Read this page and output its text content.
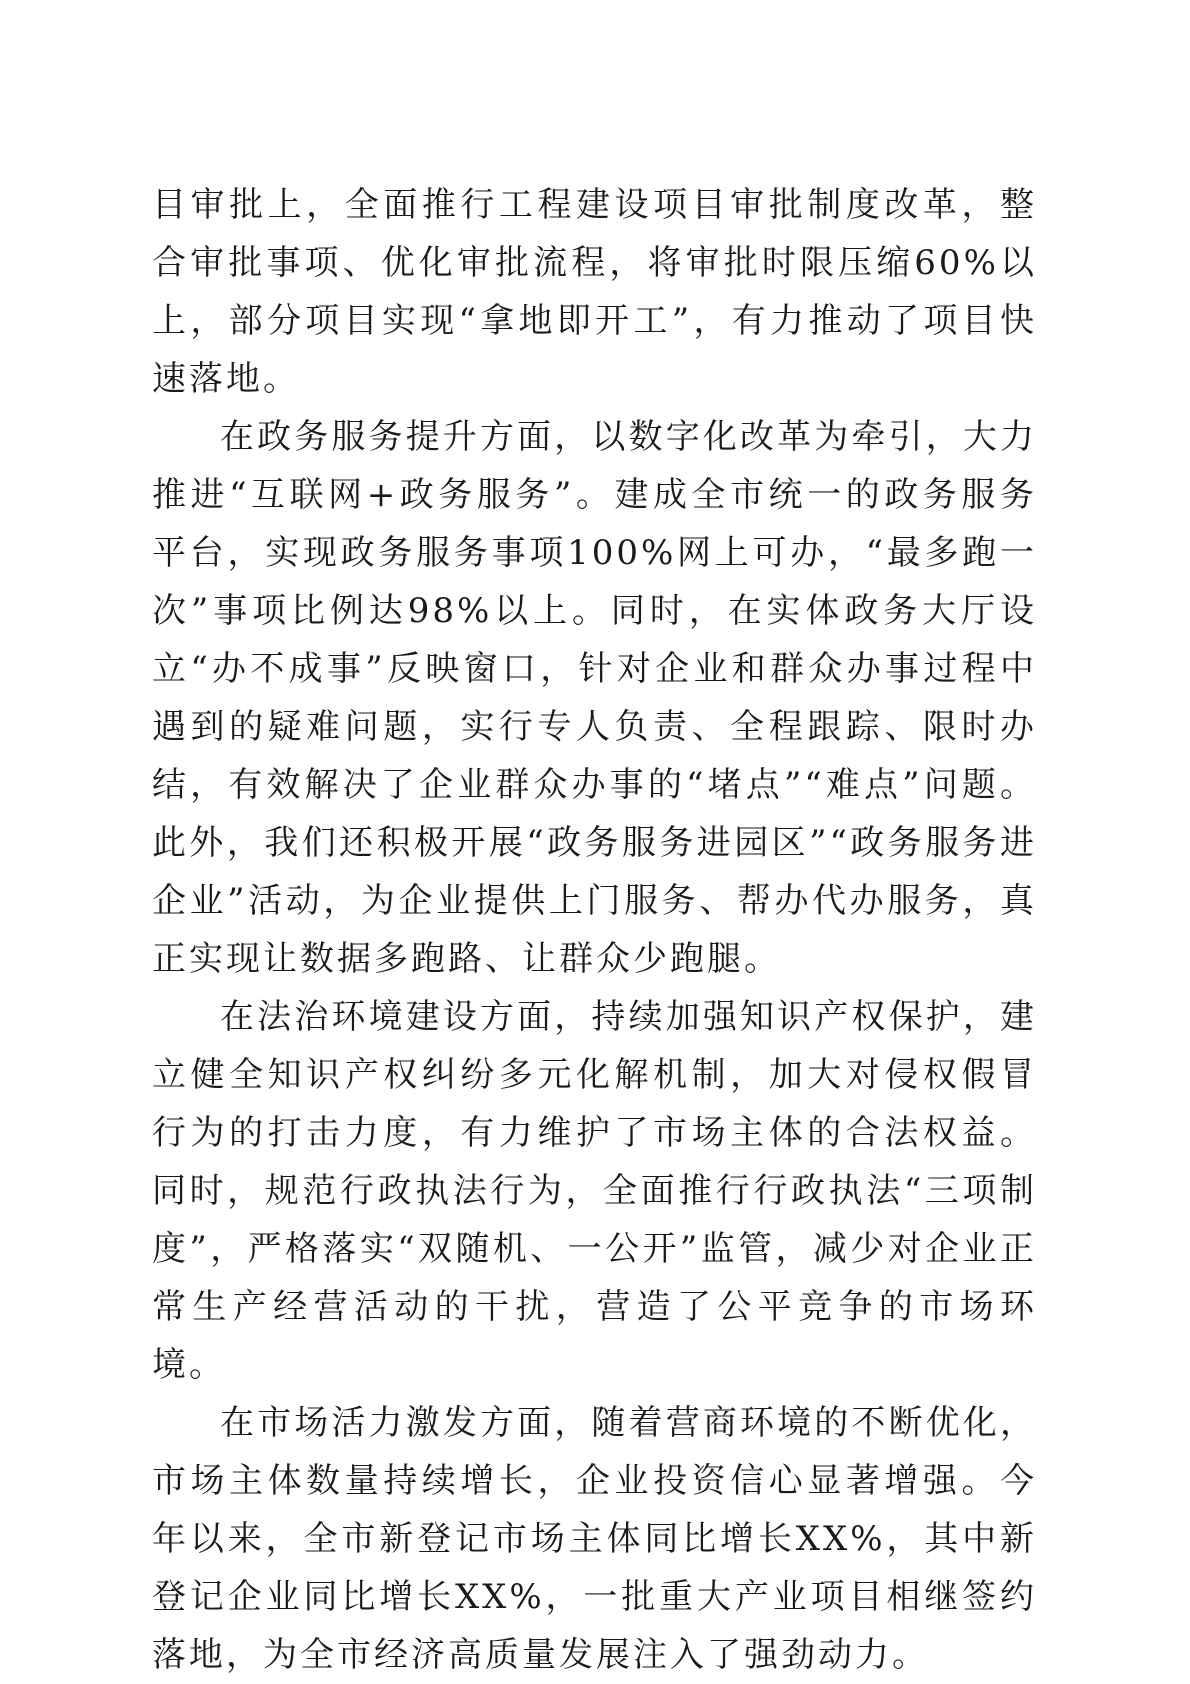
目审批上，全面推行工程建设项目审批制度改革，整合审批事项、优化审批流程，将审批时限压缩60%以上，部分项目实现“拿地即开工”，有力推动了项目快速落地。

在政务服务提升方面，以数字化改革为牵引，大力推进“互联网+政务服务”。建成全市统一的政务服务平台，实现政务服务事项100%网上可办，“最多跑一次”事项比例达98%以上。同时，在实体政务大厅设立“办不成事”反映窗口，针对企业和群众办事过程中遇到的疑难问题，实行专人负责、全程跟踪、限时办结，有效解决了企业群众办事的“堵点”“难点”问题。此外，我们还积极开展“政务服务进园区”“政务服务进企业”活动，为企业提供上门服务、帮办代办服务，真正实现让数据多跑路、让群众少跑腿。

在法治环境建设方面，持续加强知识产权保护，建立健全知识产权纠纷多元化解机制，加大对侵权假冒行为的打击力度，有力维护了市场主体的合法权益。同时，规范行政执法行为，全面推行行政执法“三项制度”，严格落实“双随机、一公开”监管，减少对企业正常生产经营活动的干扰，营造了公平竞争的市场环境。

在市场活力激发方面，随着营商环境的不断优化，市场主体数量持续增长，企业投资信心显著增强。今年以来，全市新登记市场主体同比增长XX%，其中新登记企业同比增长XX%，一批重大产业项目相继签约落地，为全市经济高质量发展注入了强劲动力。
